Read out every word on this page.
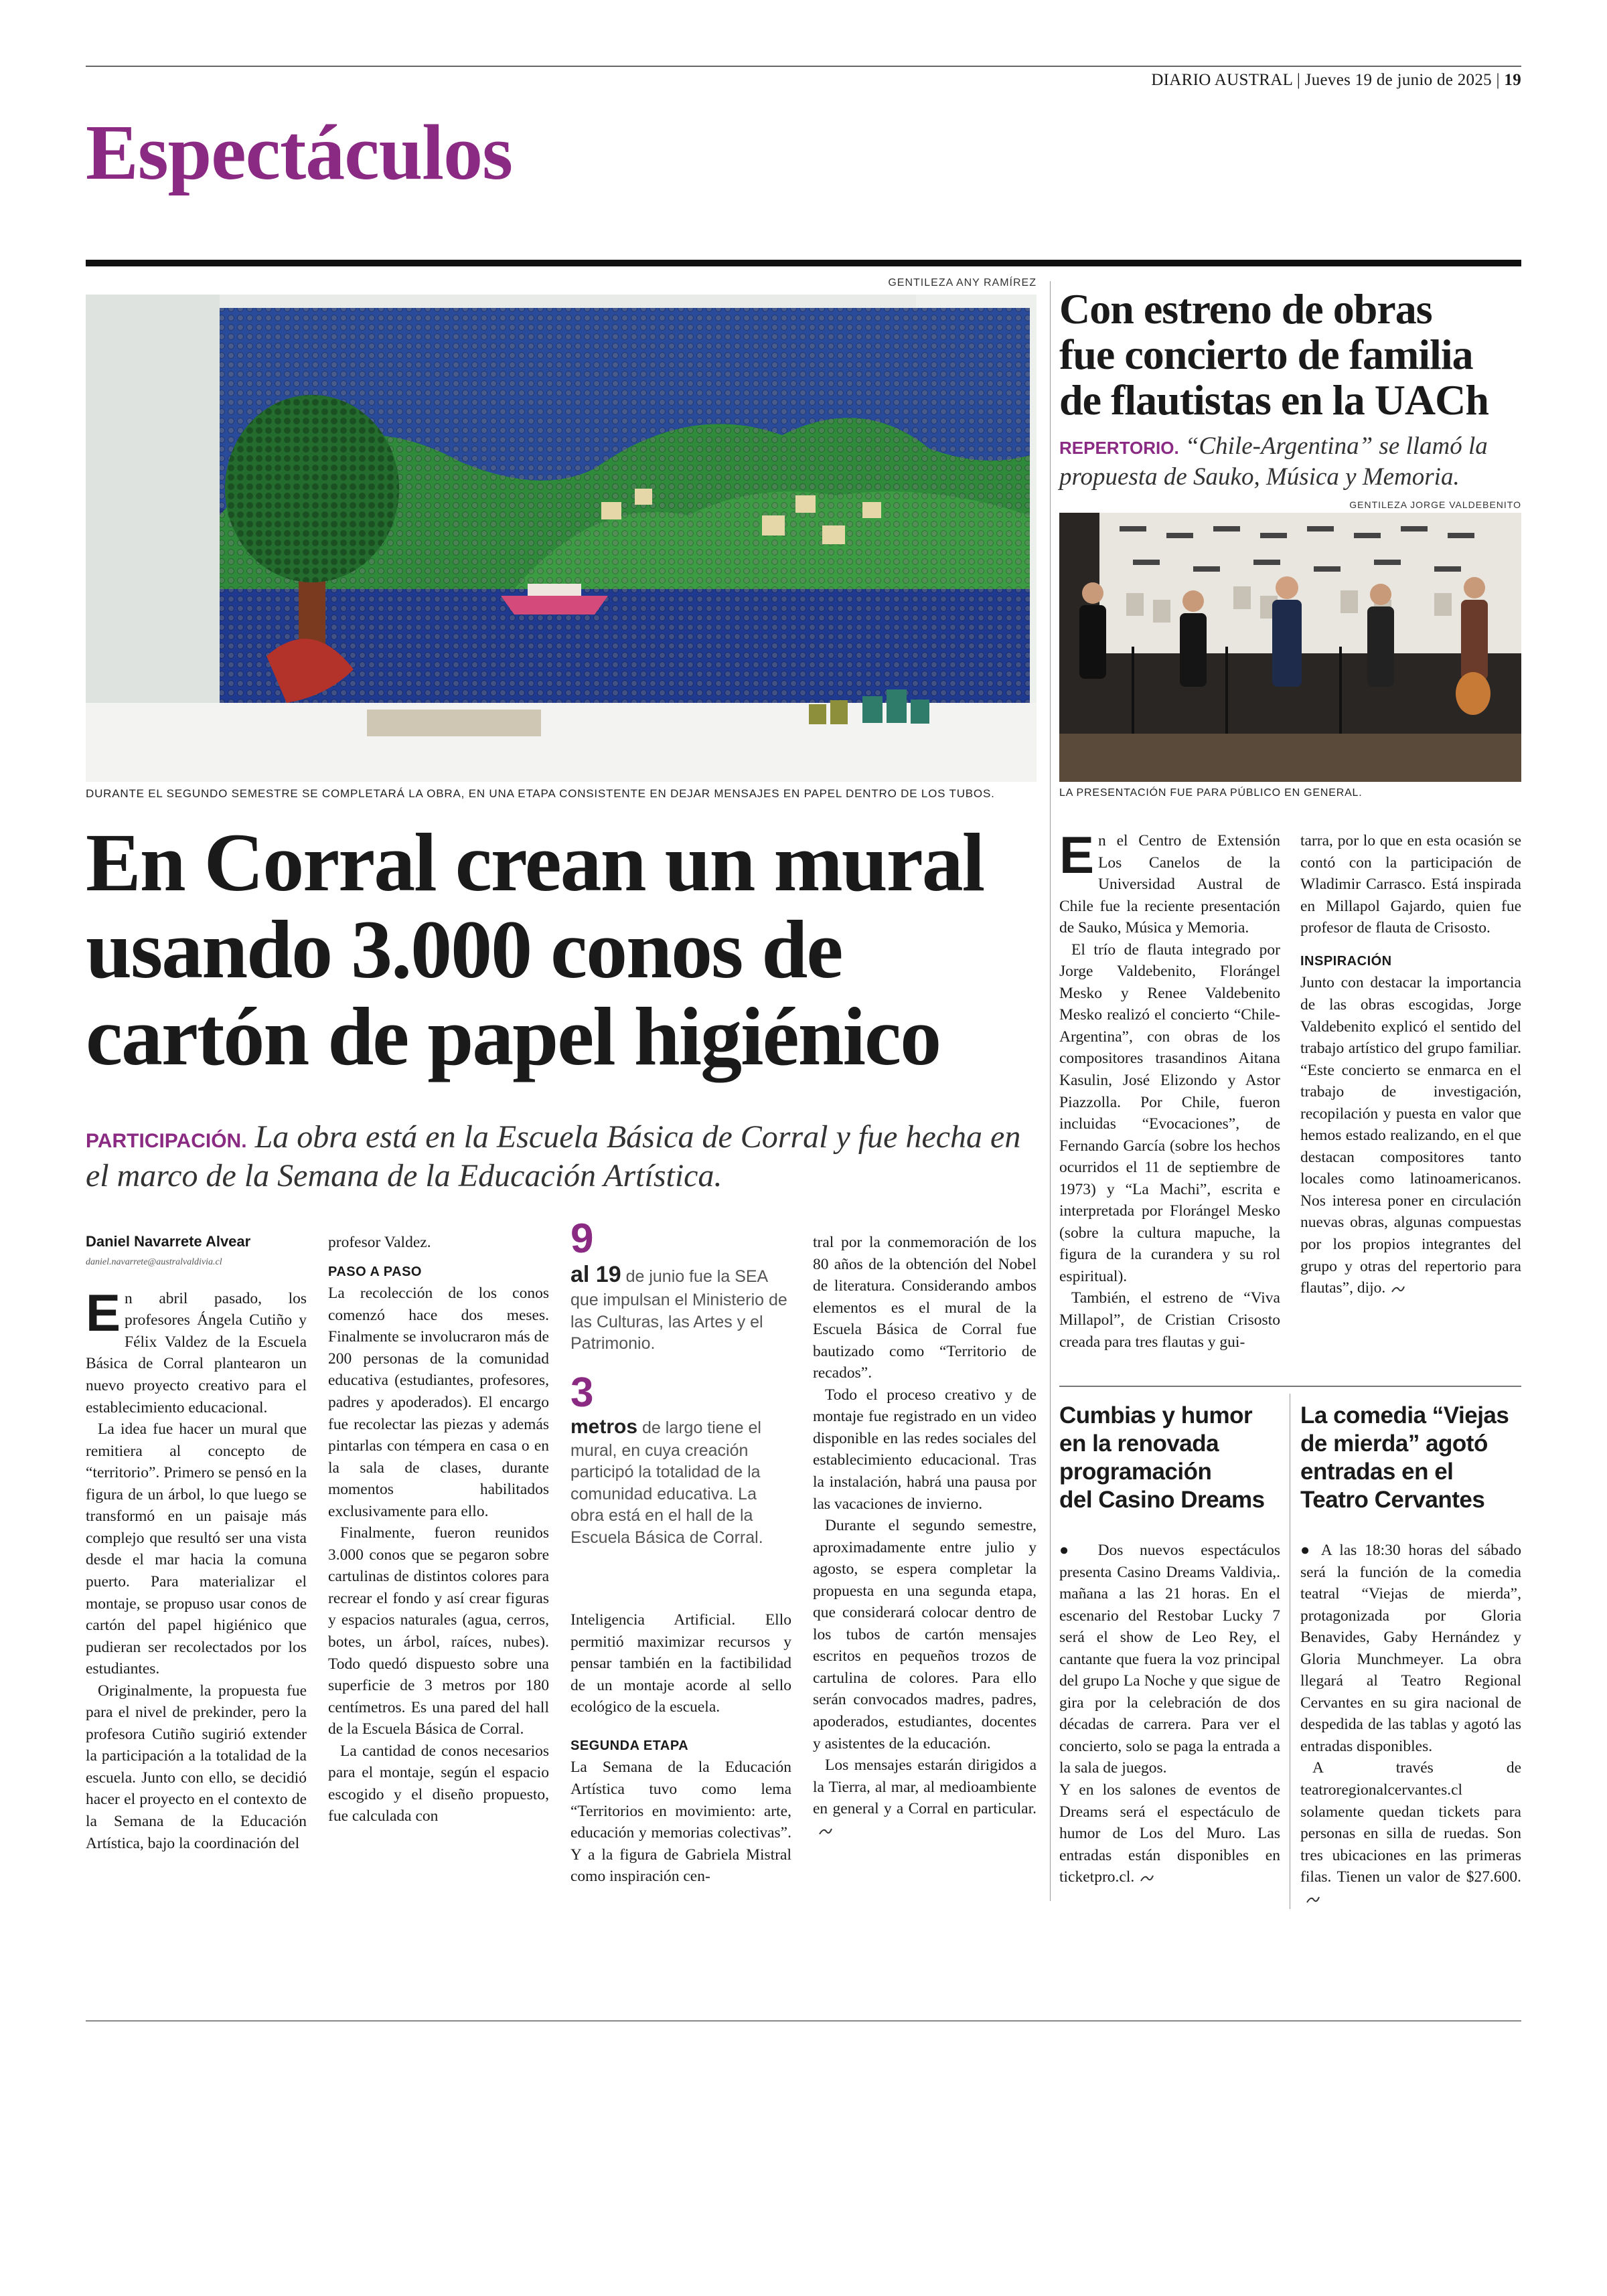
DIARIO AUSTRAL | Jueves 19 de junio de 2025 | 19
Espectáculos
GENTILEZA ANY RAMÍREZ
DURANTE EL SEGUNDO SEMESTRE SE COMPLETARÁ LA OBRA, EN UNA ETAPA CONSISTENTE EN DEJAR MENSAJES EN PAPEL DENTRO DE LOS TUBOS.
En Corral crean un mural
usando 3.000 conos de
cartón de papel higiénico
PARTICIPACIÓN. La obra está en la Escuela Básica de Corral y fue hecha en el marco de la Semana de la Educación Artística.
Daniel Navarrete Alvear
daniel.navarrete@australvaldivia.cl

En abril pasado, los profesores Ángela Cutiño y Félix Valdez de la Escuela Básica de Corral plantearon un nuevo proyecto creativo para el establecimiento educacional.

La idea fue hacer un mural que remitiera al concepto de “territorio”. Primero se pensó en la figura de un árbol, lo que luego se transformó en un paisaje más complejo que resultó ser una vista desde el mar hacia la comuna puerto. Para materializar el montaje, se propuso usar conos de cartón del papel higiénico que pudieran ser recolectados por los estudiantes.

Originalmente, la propuesta fue para el nivel de prekinder, pero la profesora Cutiño sugirió extender la participación a la totalidad de la escuela. Junto con ello, se decidió hacer el proyecto en el contexto de la Semana de la Educación Artística, bajo la coordinación del

profesor Valdez.

PASO A PASO

La recolección de los conos comenzó hace dos meses. Finalmente se involucraron más de 200 personas de la comunidad educativa (estudiantes, profesores, padres y apoderados). El encargo fue recolectar las piezas y además pintarlas con témpera en casa o en la sala de clases, durante momentos habilitados exclusivamente para ello.

Finalmente, fueron reunidos 3.000 conos que se pegaron sobre cartulinas de distintos colores para recrear el fondo y así crear figuras y espacios naturales (agua, cerros, botes, un árbol, raíces, nubes). Todo quedó dispuesto sobre una superficie de 3 metros por 180 centímetros. Es una pared del hall de la Escuela Básica de Corral.

La cantidad de conos necesarios para el montaje, según el espacio escogido y el diseño propuesto, fue calculada con

9
al 19 de junio fue la SEA que impulsan el Ministerio de las Culturas, las Artes y el Patrimonio.
3
metros de largo tiene el mural, en cuya creación participó la totalidad de la comunidad educativa. La obra está en el hall de la Escuela Básica de Corral.

Inteligencia Artificial. Ello permitió maximizar recursos y pensar también en la factibilidad de un montaje acorde al sello ecológico de la escuela.

SEGUNDA ETAPA

La Semana de la Educación Artística tuvo como lema “Territorios en movimiento: arte, educación y memorias colectivas”. Y a la figura de Gabriela Mistral como inspiración cen-

tral por la conmemoración de los 80 años de la obtención del Nobel de literatura. Considerando ambos elementos es el mural de la Escuela Básica de Corral fue bautizado como “Territorio de recados”.

Todo el proceso creativo y de montaje fue registrado en un video disponible en las redes sociales del establecimiento educacional. Tras la instalación, habrá una pausa por las vacaciones de invierno.

Durante el segundo semestre, aproximadamente entre julio y agosto, se espera completar la propuesta en una segunda etapa, que considerará colocar dentro de los tubos de cartón mensajes escritos en pequeños trozos de cartulina de colores. Para ello serán convocados madres, padres, apoderados, estudiantes, docentes y asistentes de la educación.

Los mensajes estarán dirigidos a la Tierra, al mar, al medioambiente en general y a Corral en particular.

Con estreno de obras
fue concierto de familia
de flautistas en la UACh
REPERTORIO. “Chile-Argentina” se llamó la propuesta de Sauko, Música y Memoria.
GENTILEZA JORGE VALDEBENITO
LA PRESENTACIÓN FUE PARA PÚBLICO EN GENERAL.

En el Centro de Extensión Los Canelos de la Universidad Austral de Chile fue la reciente presentación de Sauko, Música y Memoria.

El trío de flauta integrado por Jorge Valdebenito, Florángel Mesko y Renee Valdebenito Mesko realizó el concierto “Chile-Argentina”, con obras de los compositores trasandinos Aitana Kasulin, José Elizondo y Astor Piazzolla. Por Chile, fueron incluidas “Evocaciones”, de Fernando García (sobre los hechos ocurridos el 11 de septiembre de 1973) y “La Machi”, escrita e interpretada por Florángel Mesko (sobre la cultura mapuche, la figura de la curandera y su rol espiritual).

También, el estreno de “Viva Millapol”, de Cristian Crisosto creada para tres flautas y gui-

tarra, por lo que en esta ocasión se contó con la participación de Wladimir Carrasco. Está inspirada en Millapol Gajardo, quien fue profesor de flauta de Crisosto.

INSPIRACIÓN

Junto con destacar la importancia de las obras escogidas, Jorge Valdebenito explicó el sentido del trabajo artístico del grupo familiar. “Este concierto se enmarca en el trabajo de investigación, recopilación y puesta en valor que hemos estado realizando, en el que destacan compositores tanto locales como latinoamericanos. Nos interesa poner en circulación nuevas obras, algunas compuestas por los propios integrantes del grupo y otras del repertorio para flautas”, dijo.

Cumbias y humor
en la renovada
programación
del Casino Dreams

● Dos nuevos espectáculos presenta Casino Dreams Valdivia,. mañana a las 21 horas. En el escenario del Restobar Lucky 7 será el show de Leo Rey, el cantante que fuera la voz principal del grupo La Noche y que sigue de gira por la celebración de dos décadas de carrera. Para ver el concierto, solo se paga la entrada a la sala de juegos.

Y en los salones de eventos de Dreams será el espectáculo de humor de Los del Muro. Las entradas están disponibles en ticketpro.cl.

La comedia “Viejas
de mierda” agotó
entradas en el
Teatro Cervantes

● A las 18:30 horas del sábado será la función de la comedia teatral “Viejas de mierda”, protagonizada por Gloria Benavides, Gaby Hernández y Gloria Munchmeyer. La obra llegará al Teatro Regional Cervantes en su gira nacional de despedida de las tablas y agotó las entradas disponibles.

A través de teatroregionalcervantes.cl solamente quedan tickets para personas en silla de ruedas. Son tres ubicaciones en las primeras filas. Tienen un valor de $27.600.
